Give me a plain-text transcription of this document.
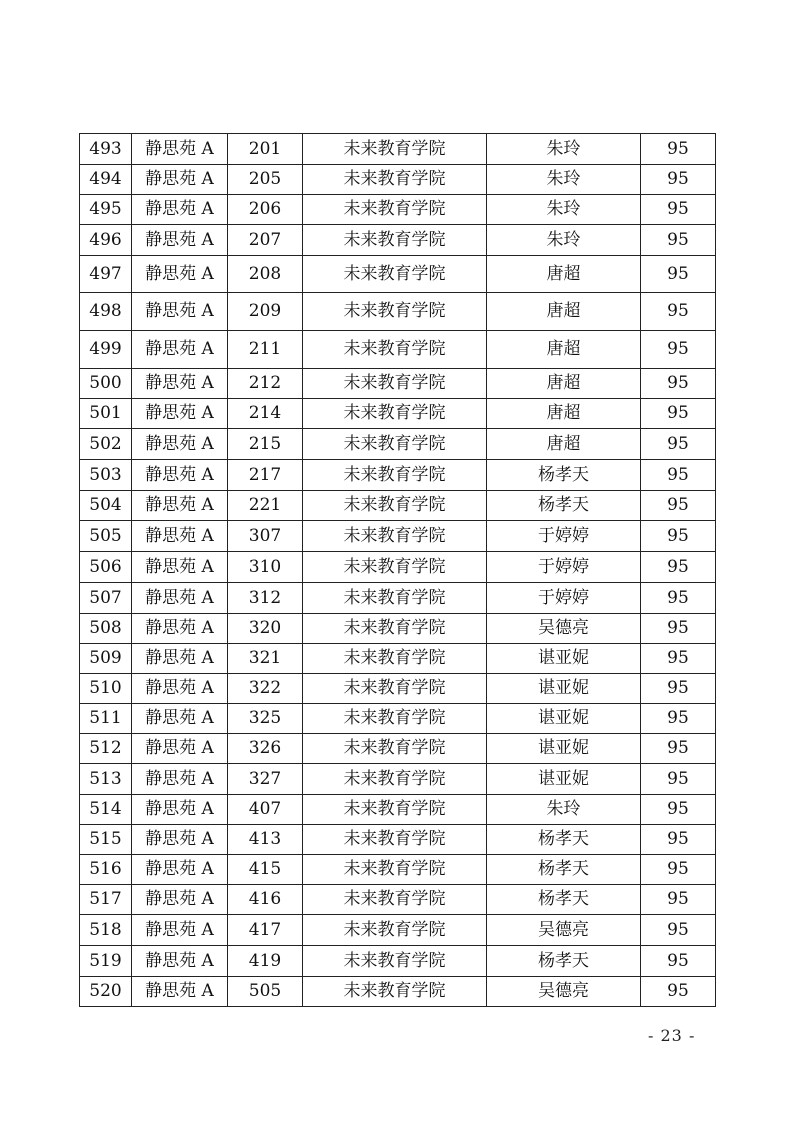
493	静思苑 A	201	未来教育学院	朱玲	95
494	静思苑 A	205	未来教育学院	朱玲	95
495	静思苑 A	206	未来教育学院	朱玲	95
496	静思苑 A	207	未来教育学院	朱玲	95
497	静思苑 A	208	未来教育学院	唐超	95
498	静思苑 A	209	未来教育学院	唐超	95
499	静思苑 A	211	未来教育学院	唐超	95
500	静思苑 A	212	未来教育学院	唐超	95
501	静思苑 A	214	未来教育学院	唐超	95
502	静思苑 A	215	未来教育学院	唐超	95
503	静思苑 A	217	未来教育学院	杨孝天	95
504	静思苑 A	221	未来教育学院	杨孝天	95
505	静思苑 A	307	未来教育学院	于婷婷	95
506	静思苑 A	310	未来教育学院	于婷婷	95
507	静思苑 A	312	未来教育学院	于婷婷	95
508	静思苑 A	320	未来教育学院	吴德亮	95
509	静思苑 A	321	未来教育学院	谌亚妮	95
510	静思苑 A	322	未来教育学院	谌亚妮	95
511	静思苑 A	325	未来教育学院	谌亚妮	95
512	静思苑 A	326	未来教育学院	谌亚妮	95
513	静思苑 A	327	未来教育学院	谌亚妮	95
514	静思苑 A	407	未来教育学院	朱玲	95
515	静思苑 A	413	未来教育学院	杨孝天	95
516	静思苑 A	415	未来教育学院	杨孝天	95
517	静思苑 A	416	未来教育学院	杨孝天	95
518	静思苑 A	417	未来教育学院	吴德亮	95
519	静思苑 A	419	未来教育学院	杨孝天	95
520	静思苑 A	505	未来教育学院	吴德亮	95
- 23 -
